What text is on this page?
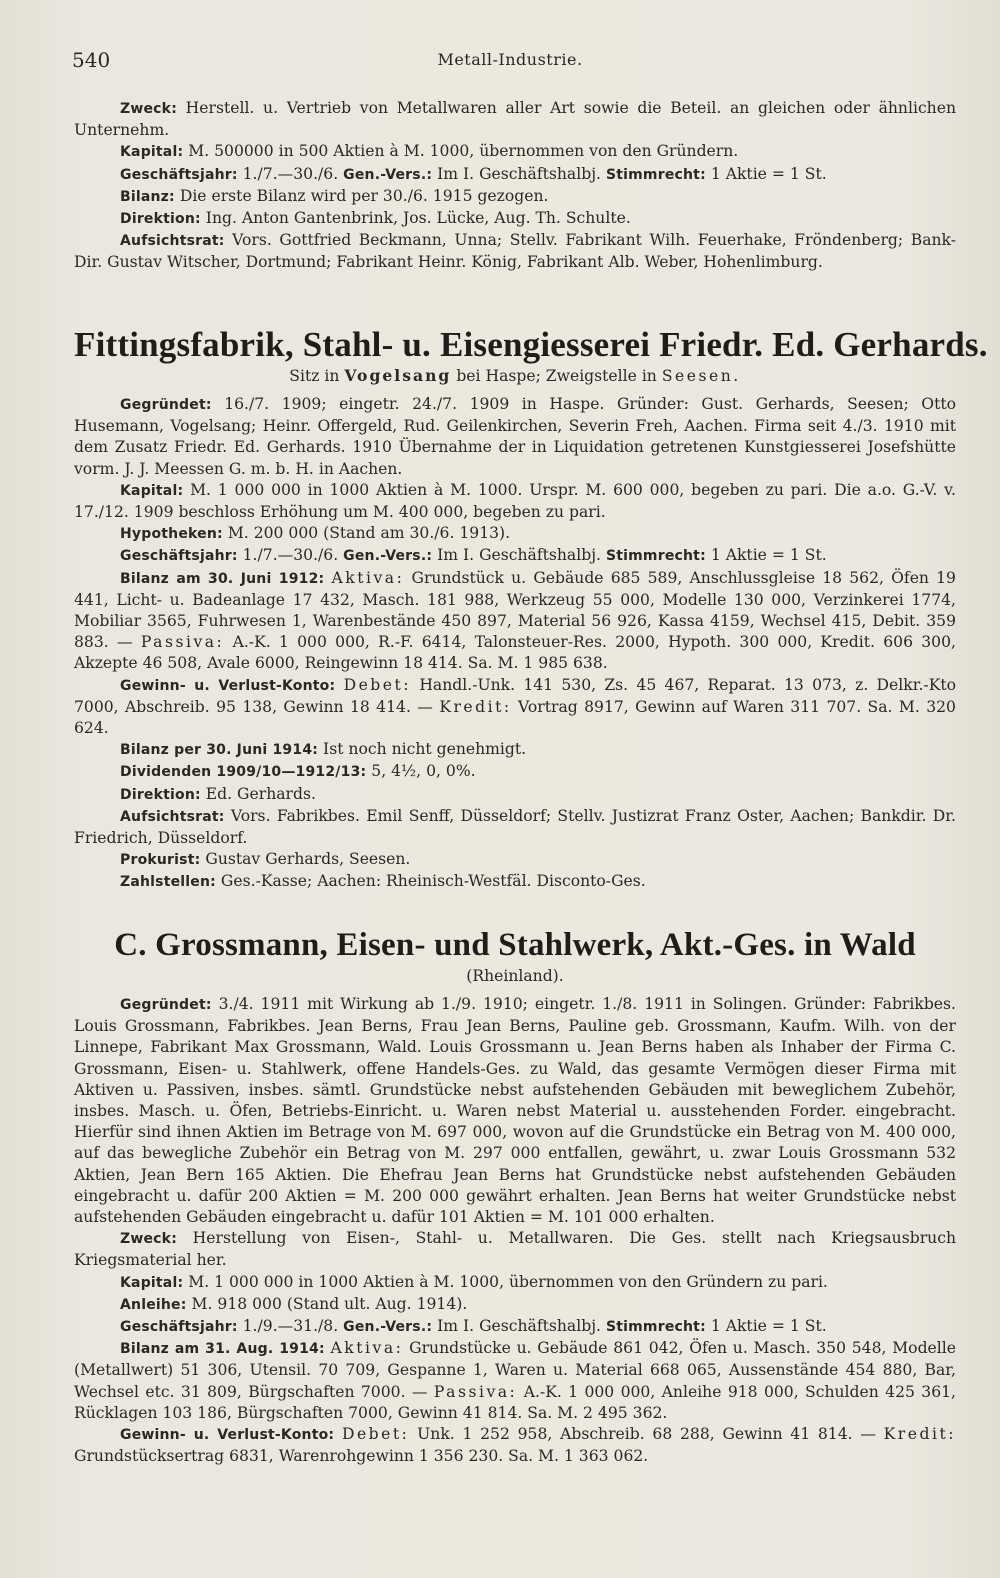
540	Metall-Industrie.

Zweck: Herstell. u. Vertrieb von Metallwaren aller Art sowie die Beteil. an gleichen oder ähnlichen Unternehm.

Kapital: M. 500000 in 500 Aktien à M. 1000, übernommen von den Gründern.

Geschäftsjahr: 1./7.—30./6. Gen.-Vers.: Im I. Geschäftshalbj. Stimmrecht: 1 Aktie = 1 St.

Bilanz: Die erste Bilanz wird per 30./6. 1915 gezogen.

Direktion: Ing. Anton Gantenbrink, Jos. Lücke, Aug. Th. Schulte.

Aufsichtsrat: Vors. Gottfried Beckmann, Unna; Stellv. Fabrikant Wilh. Feuerhake, Fröndenberg; Bank-Dir. Gustav Witscher, Dortmund; Fabrikant Heinr. König, Fabrikant Alb. Weber, Hohenlimburg.

Fittingsfabrik, Stahl- u. Eisengiesserei Friedr. Ed. Gerhards.

Sitz in Vogelsang bei Haspe; Zweigstelle in Seesen.

Gegründet: 16./7. 1909; eingetr. 24./7. 1909 in Haspe. Gründer: Gust. Gerhards, Seesen; Otto Husemann, Vogelsang; Heinr. Offergeld, Rud. Geilenkirchen, Severin Freh, Aachen. Firma seit 4./3. 1910 mit dem Zusatz Friedr. Ed. Gerhards. 1910 Übernahme der in Liquidation getretenen Kunstgiesserei Josefshütte vorm. J. J. Meessen G. m. b. H. in Aachen.

Kapital: M. 1 000 000 in 1000 Aktien à M. 1000. Urspr. M. 600 000, begeben zu pari. Die a.o. G.-V. v. 17./12. 1909 beschloss Erhöhung um M. 400 000, begeben zu pari.

Hypotheken: M. 200 000 (Stand am 30./6. 1913).

Geschäftsjahr: 1./7.—30./6. Gen.-Vers.: Im I. Geschäftshalbj. Stimmrecht: 1 Aktie = 1 St.

Bilanz am 30. Juni 1912: Aktiva: Grundstück u. Gebäude 685 589, Anschlussgleise 18 562, Öfen 19 441, Licht- u. Badeanlage 17 432, Masch. 181 988, Werkzeug 55 000, Modelle 130 000, Verzinkerei 1774, Mobiliar 3565, Fuhrwesen 1, Warenbestände 450 897, Material 56 926, Kassa 4159, Wechsel 415, Debit. 359 883. — Passiva: A.-K. 1 000 000, R.-F. 6414, Talonsteuer-Res. 2000, Hypoth. 300 000, Kredit. 606 300, Akzepte 46 508, Avale 6000, Reingewinn 18 414. Sa. M. 1 985 638.

Gewinn- u. Verlust-Konto: Debet: Handl.-Unk. 141 530, Zs. 45 467, Reparat. 13 073, z. Delkr.-Kto 7000, Abschreib. 95 138, Gewinn 18 414. — Kredit: Vortrag 8917, Gewinn auf Waren 311 707. Sa. M. 320 624.

Bilanz per 30. Juni 1914: Ist noch nicht genehmigt.

Dividenden 1909/10—1912/13: 5, 4½, 0, 0%.

Direktion: Ed. Gerhards.

Aufsichtsrat: Vors. Fabrikbes. Emil Senff, Düsseldorf; Stellv. Justizrat Franz Oster, Aachen; Bankdir. Dr. Friedrich, Düsseldorf.

Prokurist: Gustav Gerhards, Seesen.

Zahlstellen: Ges.-Kasse; Aachen: Rheinisch-Westfäl. Disconto-Ges.

C. Grossmann, Eisen- und Stahlwerk, Akt.-Ges. in Wald

(Rheinland).

Gegründet: 3./4. 1911 mit Wirkung ab 1./9. 1910; eingetr. 1./8. 1911 in Solingen. Gründer: Fabrikbes. Louis Grossmann, Fabrikbes. Jean Berns, Frau Jean Berns, Pauline geb. Grossmann, Kaufm. Wilh. von der Linnepe, Fabrikant Max Grossmann, Wald. Louis Grossmann u. Jean Berns haben als Inhaber der Firma C. Grossmann, Eisen- u. Stahlwerk, offene Handels-Ges. zu Wald, das gesamte Vermögen dieser Firma mit Aktiven u. Passiven, insbes. sämtl. Grundstücke nebst aufstehenden Gebäuden mit beweglichem Zubehör, insbes. Masch. u. Öfen, Betriebs-Einricht. u. Waren nebst Material u. ausstehenden Forder. eingebracht. Hierfür sind ihnen Aktien im Betrage von M. 697 000, wovon auf die Grundstücke ein Betrag von M. 400 000, auf das bewegliche Zubehör ein Betrag von M. 297 000 entfallen, gewährt, u. zwar Louis Grossmann 532 Aktien, Jean Bern 165 Aktien. Die Ehefrau Jean Berns hat Grundstücke nebst aufstehenden Gebäuden eingebracht u. dafür 200 Aktien = M. 200 000 gewährt erhalten. Jean Berns hat weiter Grundstücke nebst aufstehenden Gebäuden eingebracht u. dafür 101 Aktien = M. 101 000 erhalten.

Zweck: Herstellung von Eisen-, Stahl- u. Metallwaren. Die Ges. stellt nach Kriegsausbruch Kriegsmaterial her.

Kapital: M. 1 000 000 in 1000 Aktien à M. 1000, übernommen von den Gründern zu pari.

Anleihe: M. 918 000 (Stand ult. Aug. 1914).

Geschäftsjahr: 1./9.—31./8. Gen.-Vers.: Im I. Geschäftshalbj. Stimmrecht: 1 Aktie = 1 St.

Bilanz am 31. Aug. 1914: Aktiva: Grundstücke u. Gebäude 861 042, Öfen u. Masch. 350 548, Modelle (Metallwert) 51 306, Utensil. 70 709, Gespanne 1, Waren u. Material 668 065, Aussenstände 454 880, Bar, Wechsel etc. 31 809, Bürgschaften 7000. — Passiva: A.-K. 1 000 000, Anleihe 918 000, Schulden 425 361, Rücklagen 103 186, Bürgschaften 7000, Gewinn 41 814. Sa. M. 2 495 362.

Gewinn- u. Verlust-Konto: Debet: Unk. 1 252 958, Abschreib. 68 288, Gewinn 41 814. — Kredit: Grundstücksertrag 6831, Warenrohgewinn 1 356 230. Sa. M. 1 363 062.
